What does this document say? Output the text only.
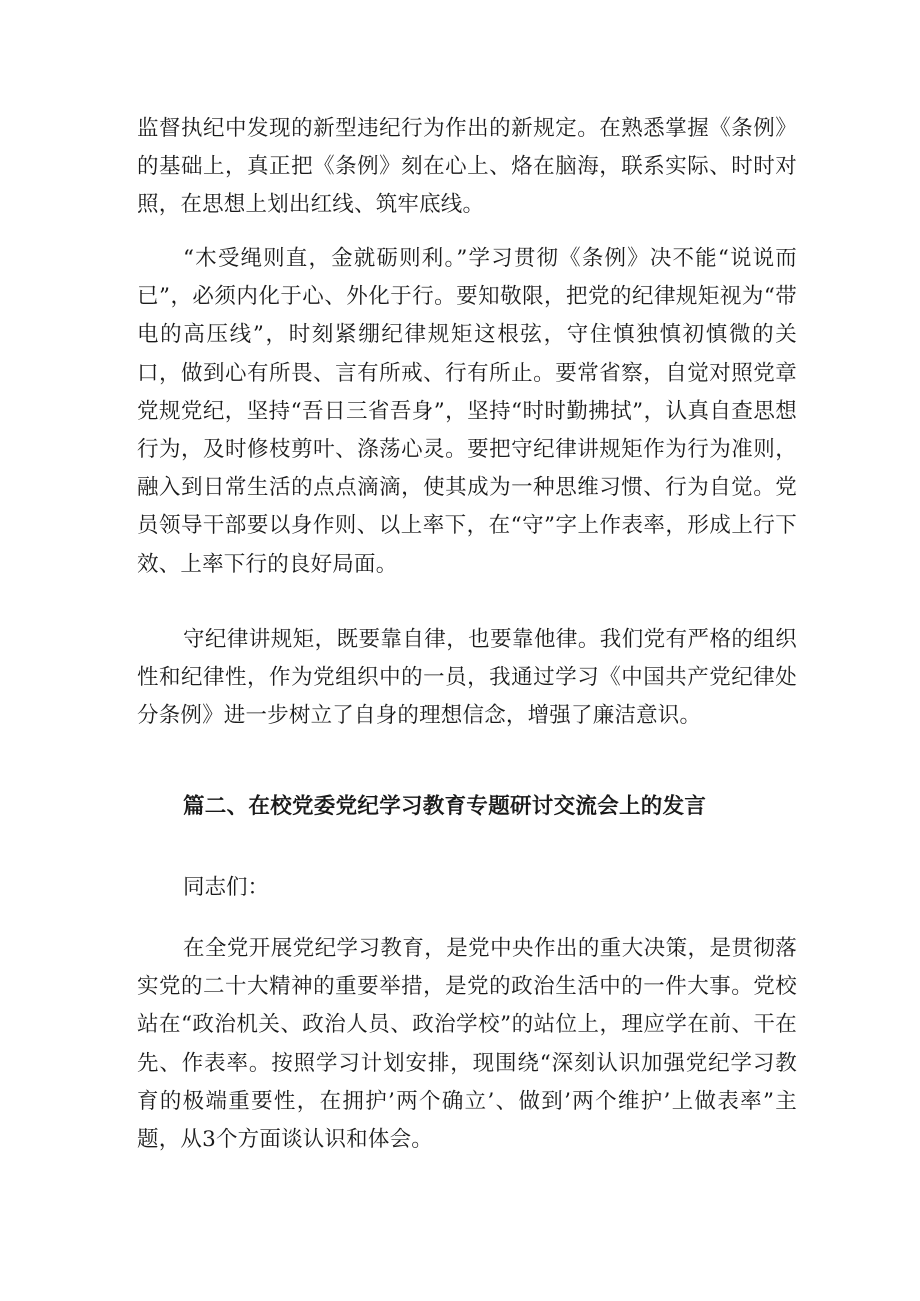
监督执纪中发现的新型违纪行为作出的新规定。在熟悉掌握《条例》的基础上，真正把《条例》刻在心上、烙在脑海，联系实际、时时对照，在思想上划出红线、筑牢底线。

“木受绳则直，金就砺则利。”学习贯彻《条例》决不能“说说而已”，必须内化于心、外化于行。要知敬限，把党的纪律规矩视为“带电的高压线”，时刻紧绷纪律规矩这根弦，守住慎独慎初慎微的关口，做到心有所畏、言有所戒、行有所止。要常省察，自觉对照党章党规党纪，坚持“吾日三省吾身”，坚持“时时勤拂拭”，认真自查思想行为，及时修枝剪叶、涤荡心灵。要把守纪律讲规矩作为行为准则，融入到日常生活的点点滴滴，使其成为一种思维习惯、行为自觉。党员领导干部要以身作则、以上率下，在“守”字上作表率，形成上行下效、上率下行的良好局面。

守纪律讲规矩，既要靠自律，也要靠他律。我们党有严格的组织性和纪律性，作为党组织中的一员，我通过学习《中国共产党纪律处分条例》进一步树立了自身的理想信念，增强了廉洁意识。

篇二、在校党委党纪学习教育专题研讨交流会上的发言

同志们：

在全党开展党纪学习教育，是党中央作出的重大决策，是贯彻落实党的二十大精神的重要举措，是党的政治生活中的一件大事。党校站在“政治机关、政治人员、政治学校”的站位上，理应学在前、干在先、作表率。按照学习计划安排，现围绕“深刻认识加强党纪学习教育的极端重要性，在拥护’两个确立’、做到’两个维护’上做表率”主题，从3个方面谈认识和体会。
